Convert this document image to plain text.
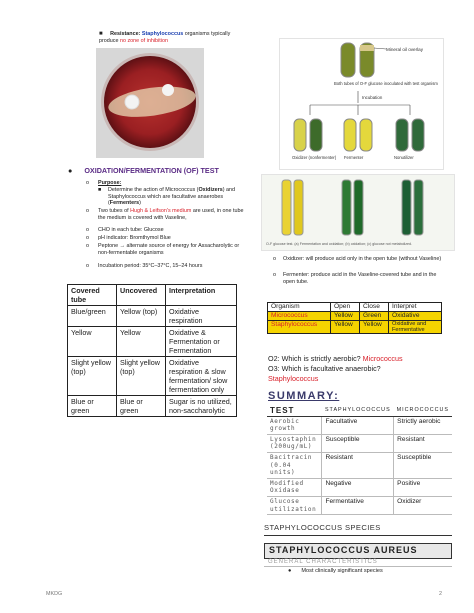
■ Resistance: Staphylococcus organisms typically produce no zone of inhibition
Mineral oil overlay
Both tubes of O-F glucose inoculated with test organism
Incubation
Oxidizer (nonfermenter) Fermenter	Nonutilizer
O-F glucose test. (a) Fermentation and oxidation; (b) oxidation; (c) glucose not metabolized.
● OXIDATION/FERMENTATION (OF) TEST
o Purpose:
■ Determine the action of Micrococcus (Oxidizers) and Staphylococcus which are facultative anaerobes (Fermenters)
o Two tubes of Hugh & Leifson's medium are used, in one tube the medium is covered with Vaseline,
o CHO in each tube: Glucose
o pH indicator: Bromthymol Blue
o Peptone → alternate source of energy for Assacharolytic or non-fermentable organisms
o Incubation period: 35°C–37°C, 15–24 hours
Covered tube	Uncovered	Interpretation
Blue/green	Yellow (top)	Oxidative respiration
Yellow	Yellow	Oxidative & Fermentation or Fermentation
Slight yellow (top)	Slight yellow (top)	Oxidative respiration & slow fermentation/ slow fermentation only
Blue or green	Blue or green	Sugar is no utilized, non-saccharolytic
o Oxidizer: will produce acid only in the open tube (without Vaseline)
o Fermenter: produce acid in the Vaseline-covered tube and in the open tube.
Organism	Open	Close	Interpret
Micrococcus	Yellow	Green	Oxidative
Staphylococcus	Yellow	Yellow	Oxidative and Fermentative
O2: Which is strictly aerobic? Micrococcus
O3: Which is facultative anaerobic?
Staphylococcus
SUMMARY:
TEST	STAPHYLOCOCCUS	MICROCOCCUS
Aerobic growth	Facultative	Strictly aerobic
Lysostaphin (200ug/mL)	Susceptible	Resistant
Bacitracin (0.04 units)	Resistant	Susceptible
Modified Oxidase	Negative	Positive
Glucose utilization	Fermentative	Oxidizer
STAPHYLOCOCCUS SPECIES
STAPHYLOCOCCUS AUREUS
GENERAL CHARACTERISTICS
● Most clinically significant species
MKDG	2
